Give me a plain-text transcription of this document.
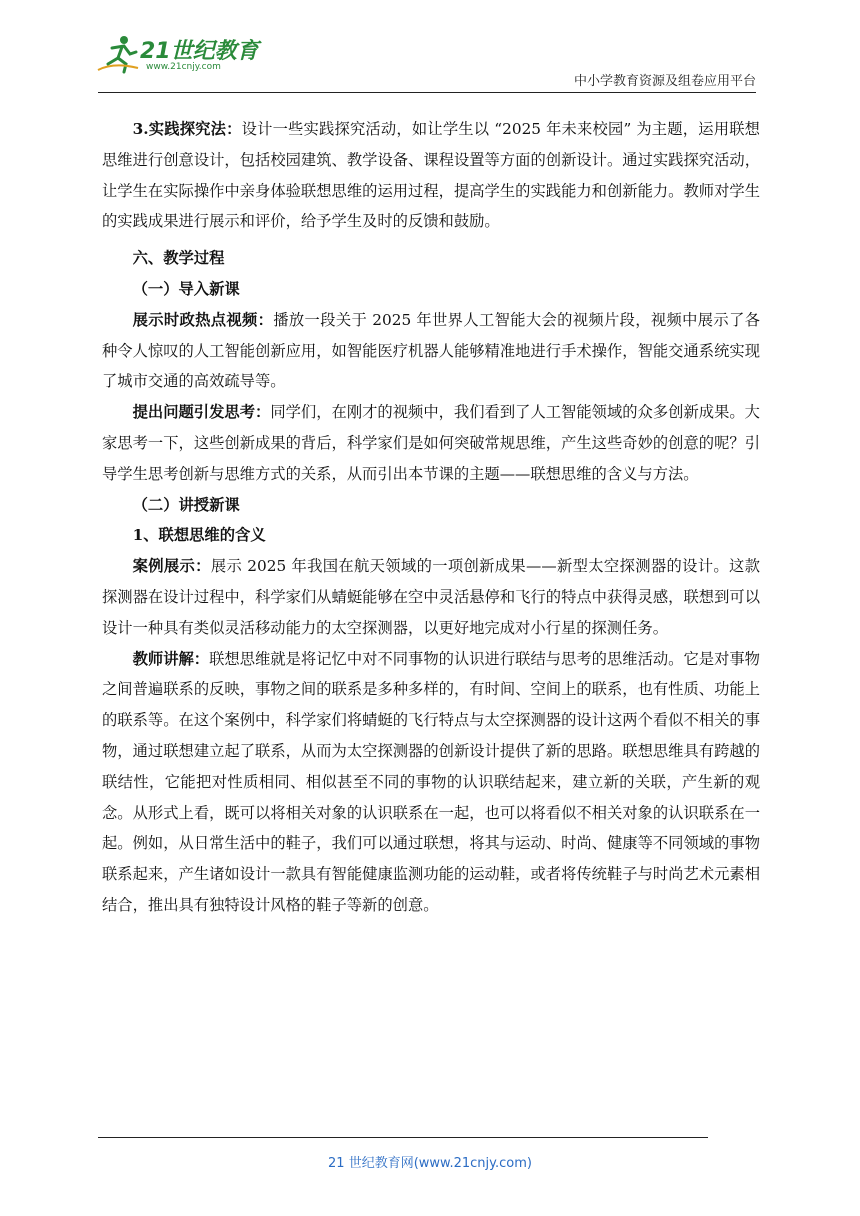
21世纪教育
www.21cnjy.com
中小学教育资源及组卷应用平台

3.实践探究法：设计一些实践探究活动，如让学生以 “2025 年未来校园” 为主题，运用联想思维进行创意设计，包括校园建筑、教学设备、课程设置等方面的创新设计。通过实践探究活动，让学生在实际操作中亲身体验联想思维的运用过程，提高学生的实践能力和创新能力。教师对学生的实践成果进行展示和评价，给予学生及时的反馈和鼓励。

六、教学过程

（一）导入新课

展示时政热点视频：播放一段关于 2025 年世界人工智能大会的视频片段，视频中展示了各种令人惊叹的人工智能创新应用，如智能医疗机器人能够精准地进行手术操作，智能交通系统实现了城市交通的高效疏导等。

提出问题引发思考：同学们，在刚才的视频中，我们看到了人工智能领域的众多创新成果。大家思考一下，这些创新成果的背后，科学家们是如何突破常规思维，产生这些奇妙的创意的呢？引导学生思考创新与思维方式的关系，从而引出本节课的主题——联想思维的含义与方法。

（二）讲授新课

1、联想思维的含义

案例展示：展示 2025 年我国在航天领域的一项创新成果——新型太空探测器的设计。这款探测器在设计过程中，科学家们从蜻蜓能够在空中灵活悬停和飞行的特点中获得灵感，联想到可以设计一种具有类似灵活移动能力的太空探测器，以更好地完成对小行星的探测任务。

教师讲解：联想思维就是将记忆中对不同事物的认识进行联结与思考的思维活动。它是对事物之间普遍联系的反映，事物之间的联系是多种多样的，有时间、空间上的联系，也有性质、功能上的联系等。在这个案例中，科学家们将蜻蜓的飞行特点与太空探测器的设计这两个看似不相关的事物，通过联想建立起了联系，从而为太空探测器的创新设计提供了新的思路。联想思维具有跨越的联结性，它能把对性质相同、相似甚至不同的事物的认识联结起来，建立新的关联，产生新的观念。从形式上看，既可以将相关对象的认识联系在一起，也可以将看似不相关对象的认识联系在一起。例如，从日常生活中的鞋子，我们可以通过联想，将其与运动、时尚、健康等不同领域的事物联系起来，产生诸如设计一款具有智能健康监测功能的运动鞋，或者将传统鞋子与时尚艺术元素相结合，推出具有独特设计风格的鞋子等新的创意。

21 世纪教育网(www.21cnjy.com)
